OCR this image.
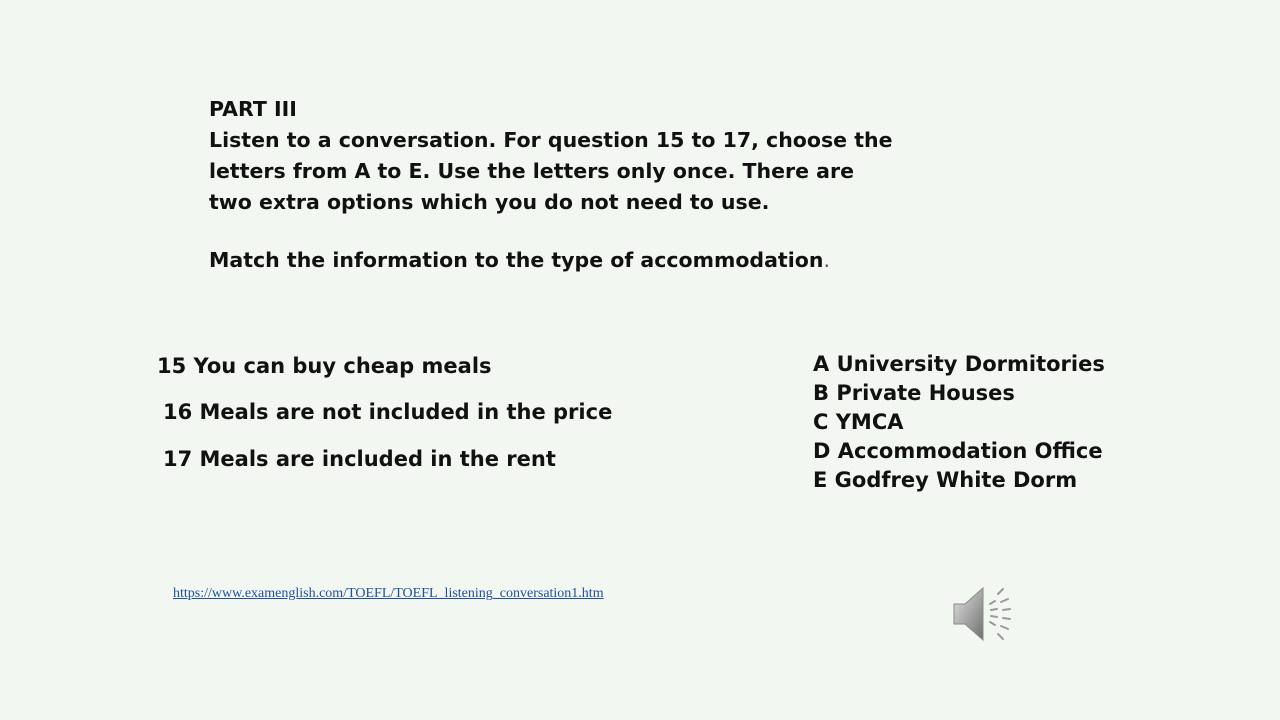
PART III
Listen to a conversation. For question 15 to 17, choose the
letters from A to E. Use the letters only once. There are
two extra options which you do not need to use.
Match the information to the type of accommodation.
15 You can buy cheap meals
16 Meals are not included in the price
17 Meals are included in the rent
A University Dormitories
B Private Houses
C YMCA
D Accommodation Office
E Godfrey White Dorm
https://www.examenglish.com/TOEFL/TOEFL_listening_conversation1.htm
